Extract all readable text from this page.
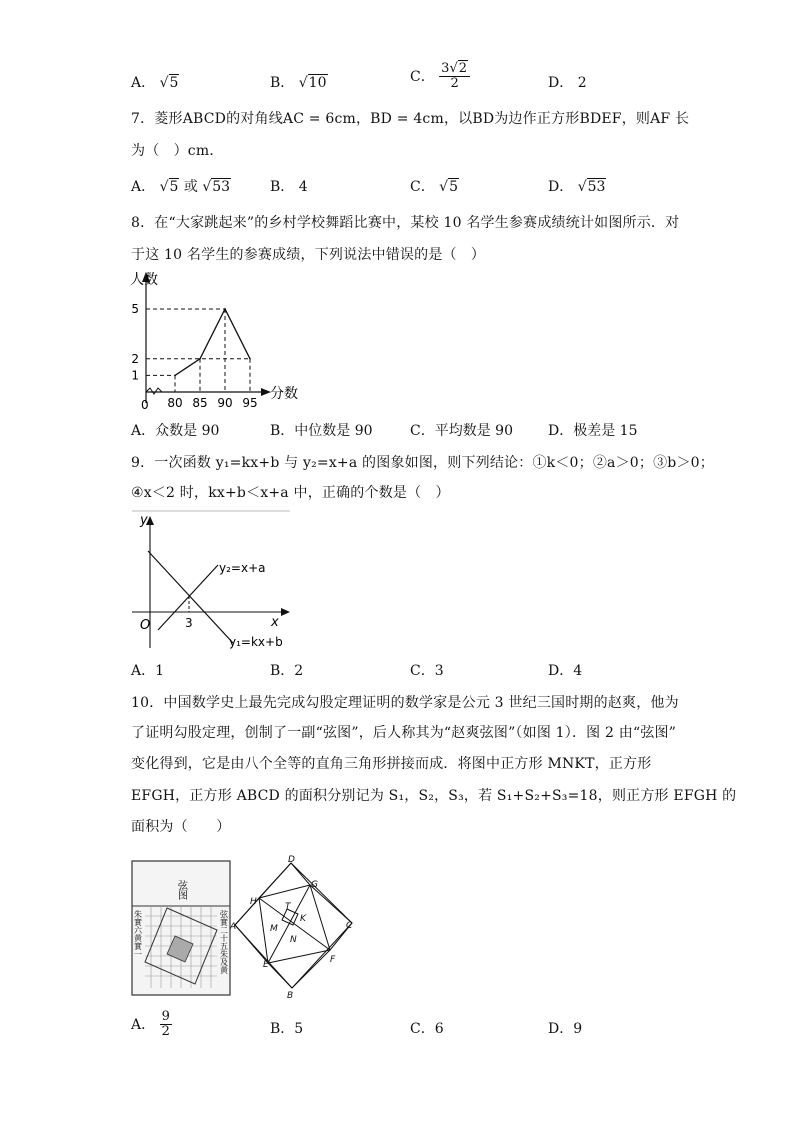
A． √5	B． √10	C． $\frac{3√2}{2}$	D． 2
7．菱形ABCD的对角线AC = 6cm，BD = 4cm，以BD为边作正方形BDEF，则AF 长
为（　）cm．
A． √5 或 √53	B． 4	C． √5	D． √53
8．在“大家跳起来”的乡村学校舞蹈比赛中，某校 10 名学生参赛成绩统计如图所示．对
于这 10 名学生的参赛成绩，下列说法中错误的是（　）
80 85 90 95
1
2
5
人数
分数
0
A．众数是 90	B．中位数是 90	C．平均数是 90	D．极差是 15
9．一次函数 y₁=kx+b 与 y₂=x+a 的图象如图，则下列结论：①k＜0；②a＞0；③b＞0；
④x＜2 时，kx+b＜x+a 中，正确的个数是（　）
y
x
O	3
y₂=x+a
y₁=kx+b
A．1	B．2	C．3	D．4
10．中国数学史上最先完成勾股定理证明的数学家是公元 3 世纪三国时期的赵爽，他为
了证明勾股定理，创制了一副“弦图”，后人称其为“赵爽弦图”（如图 1）．图 2 由“弦图”
变化得到，它是由八个全等的直角三角形拼接而成．将图中正方形 MNKT，正方形
EFGH，正方形 ABCD 的面积分别记为 S₁，S₂，S₃，若 S₁+S₂+S₃=18，则正方形 EFGH 的
面积为（　　）
弦图
朱實六黄實一	弦實二十五朱及黄
D
G
H	T
K
A	C
M
N
E	F
B
A． $\frac{9}{2}$	B．5	C．6	D．9
